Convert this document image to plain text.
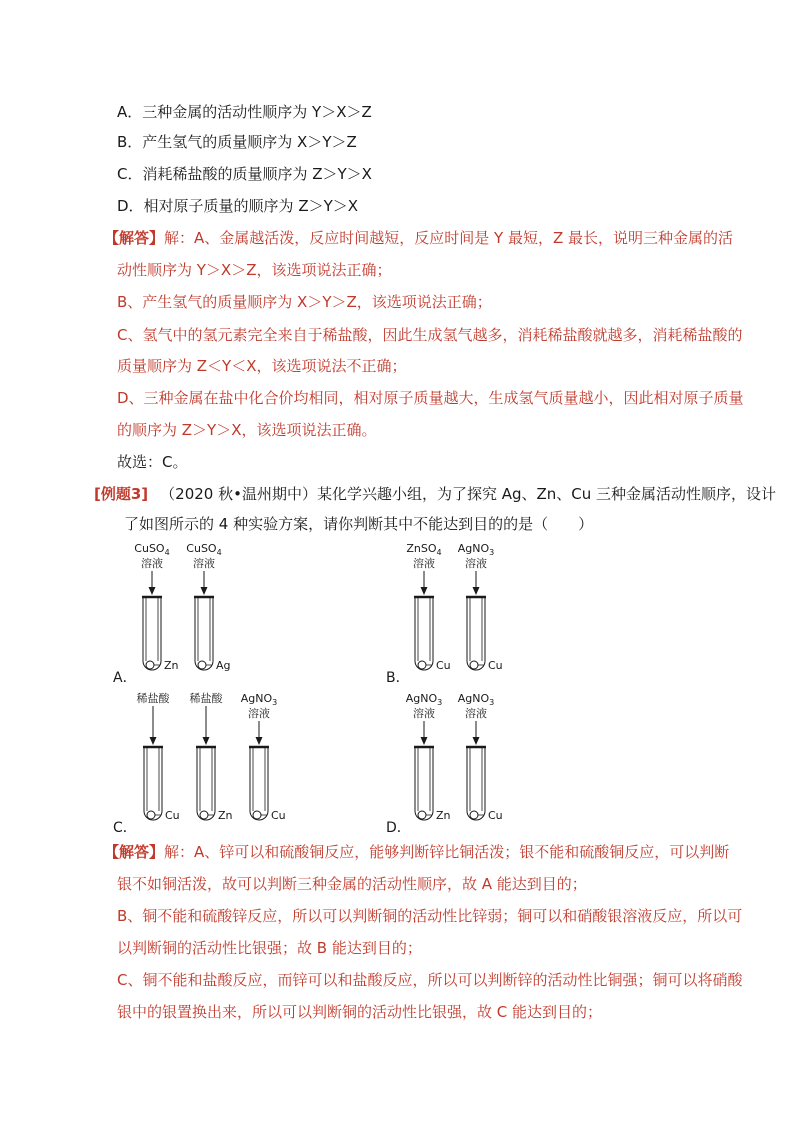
A．三种金属的活动性顺序为 Y＞X＞Z
B．产生氢气的质量顺序为 X＞Y＞Z
C．消耗稀盐酸的质量顺序为 Z＞Y＞X
D．相对原子质量的顺序为 Z＞Y＞X
【解答】解：A、金属越活泼，反应时间越短，反应时间是 Y 最短，Z 最长，说明三种金属的活
动性顺序为 Y＞X＞Z，该选项说法正确；
B、产生氢气的质量顺序为 X＞Y＞Z，该选项说法正确；
C、氢气中的氢元素完全来自于稀盐酸，因此生成氢气越多，消耗稀盐酸就越多，消耗稀盐酸的
质量顺序为 Z＜Y＜X，该选项说法不正确；
D、三种金属在盐中化合价均相同，相对原子质量越大，生成氢气质量越小，因此相对原子质量
的顺序为 Z＞Y＞X，该选项说法正确。
故选：C。
[例题3] （2020 秋•温州期中）某化学兴趣小组，为了探究 Ag、Zn、Cu 三种金属活动性顺序，设计
了如图所示的 4 种实验方案，请你判断其中不能达到目的的是（　　）
A．
CuSO$_4$
溶液
Zn
CuSO$_4$
溶液
Ag
B．
ZnSO$_4$
溶液
Cu
AgNO$_3$
溶液
Cu
C．
稀盐酸
Cu
稀盐酸
Zn
AgNO$_3$
溶液
Cu
D．
AgNO$_3$
溶液
Zn
AgNO$_3$
溶液
Cu
【解答】解：A、锌可以和硫酸铜反应，能够判断锌比铜活泼；银不能和硫酸铜反应，可以判断
银不如铜活泼，故可以判断三种金属的活动性顺序，故 A 能达到目的；
B、铜不能和硫酸锌反应，所以可以判断铜的活动性比锌弱；铜可以和硝酸银溶液反应，所以可
以判断铜的活动性比银强；故 B 能达到目的；
C、铜不能和盐酸反应，而锌可以和盐酸反应，所以可以判断锌的活动性比铜强；铜可以将硝酸
银中的银置换出来，所以可以判断铜的活动性比银强，故 C 能达到目的；
